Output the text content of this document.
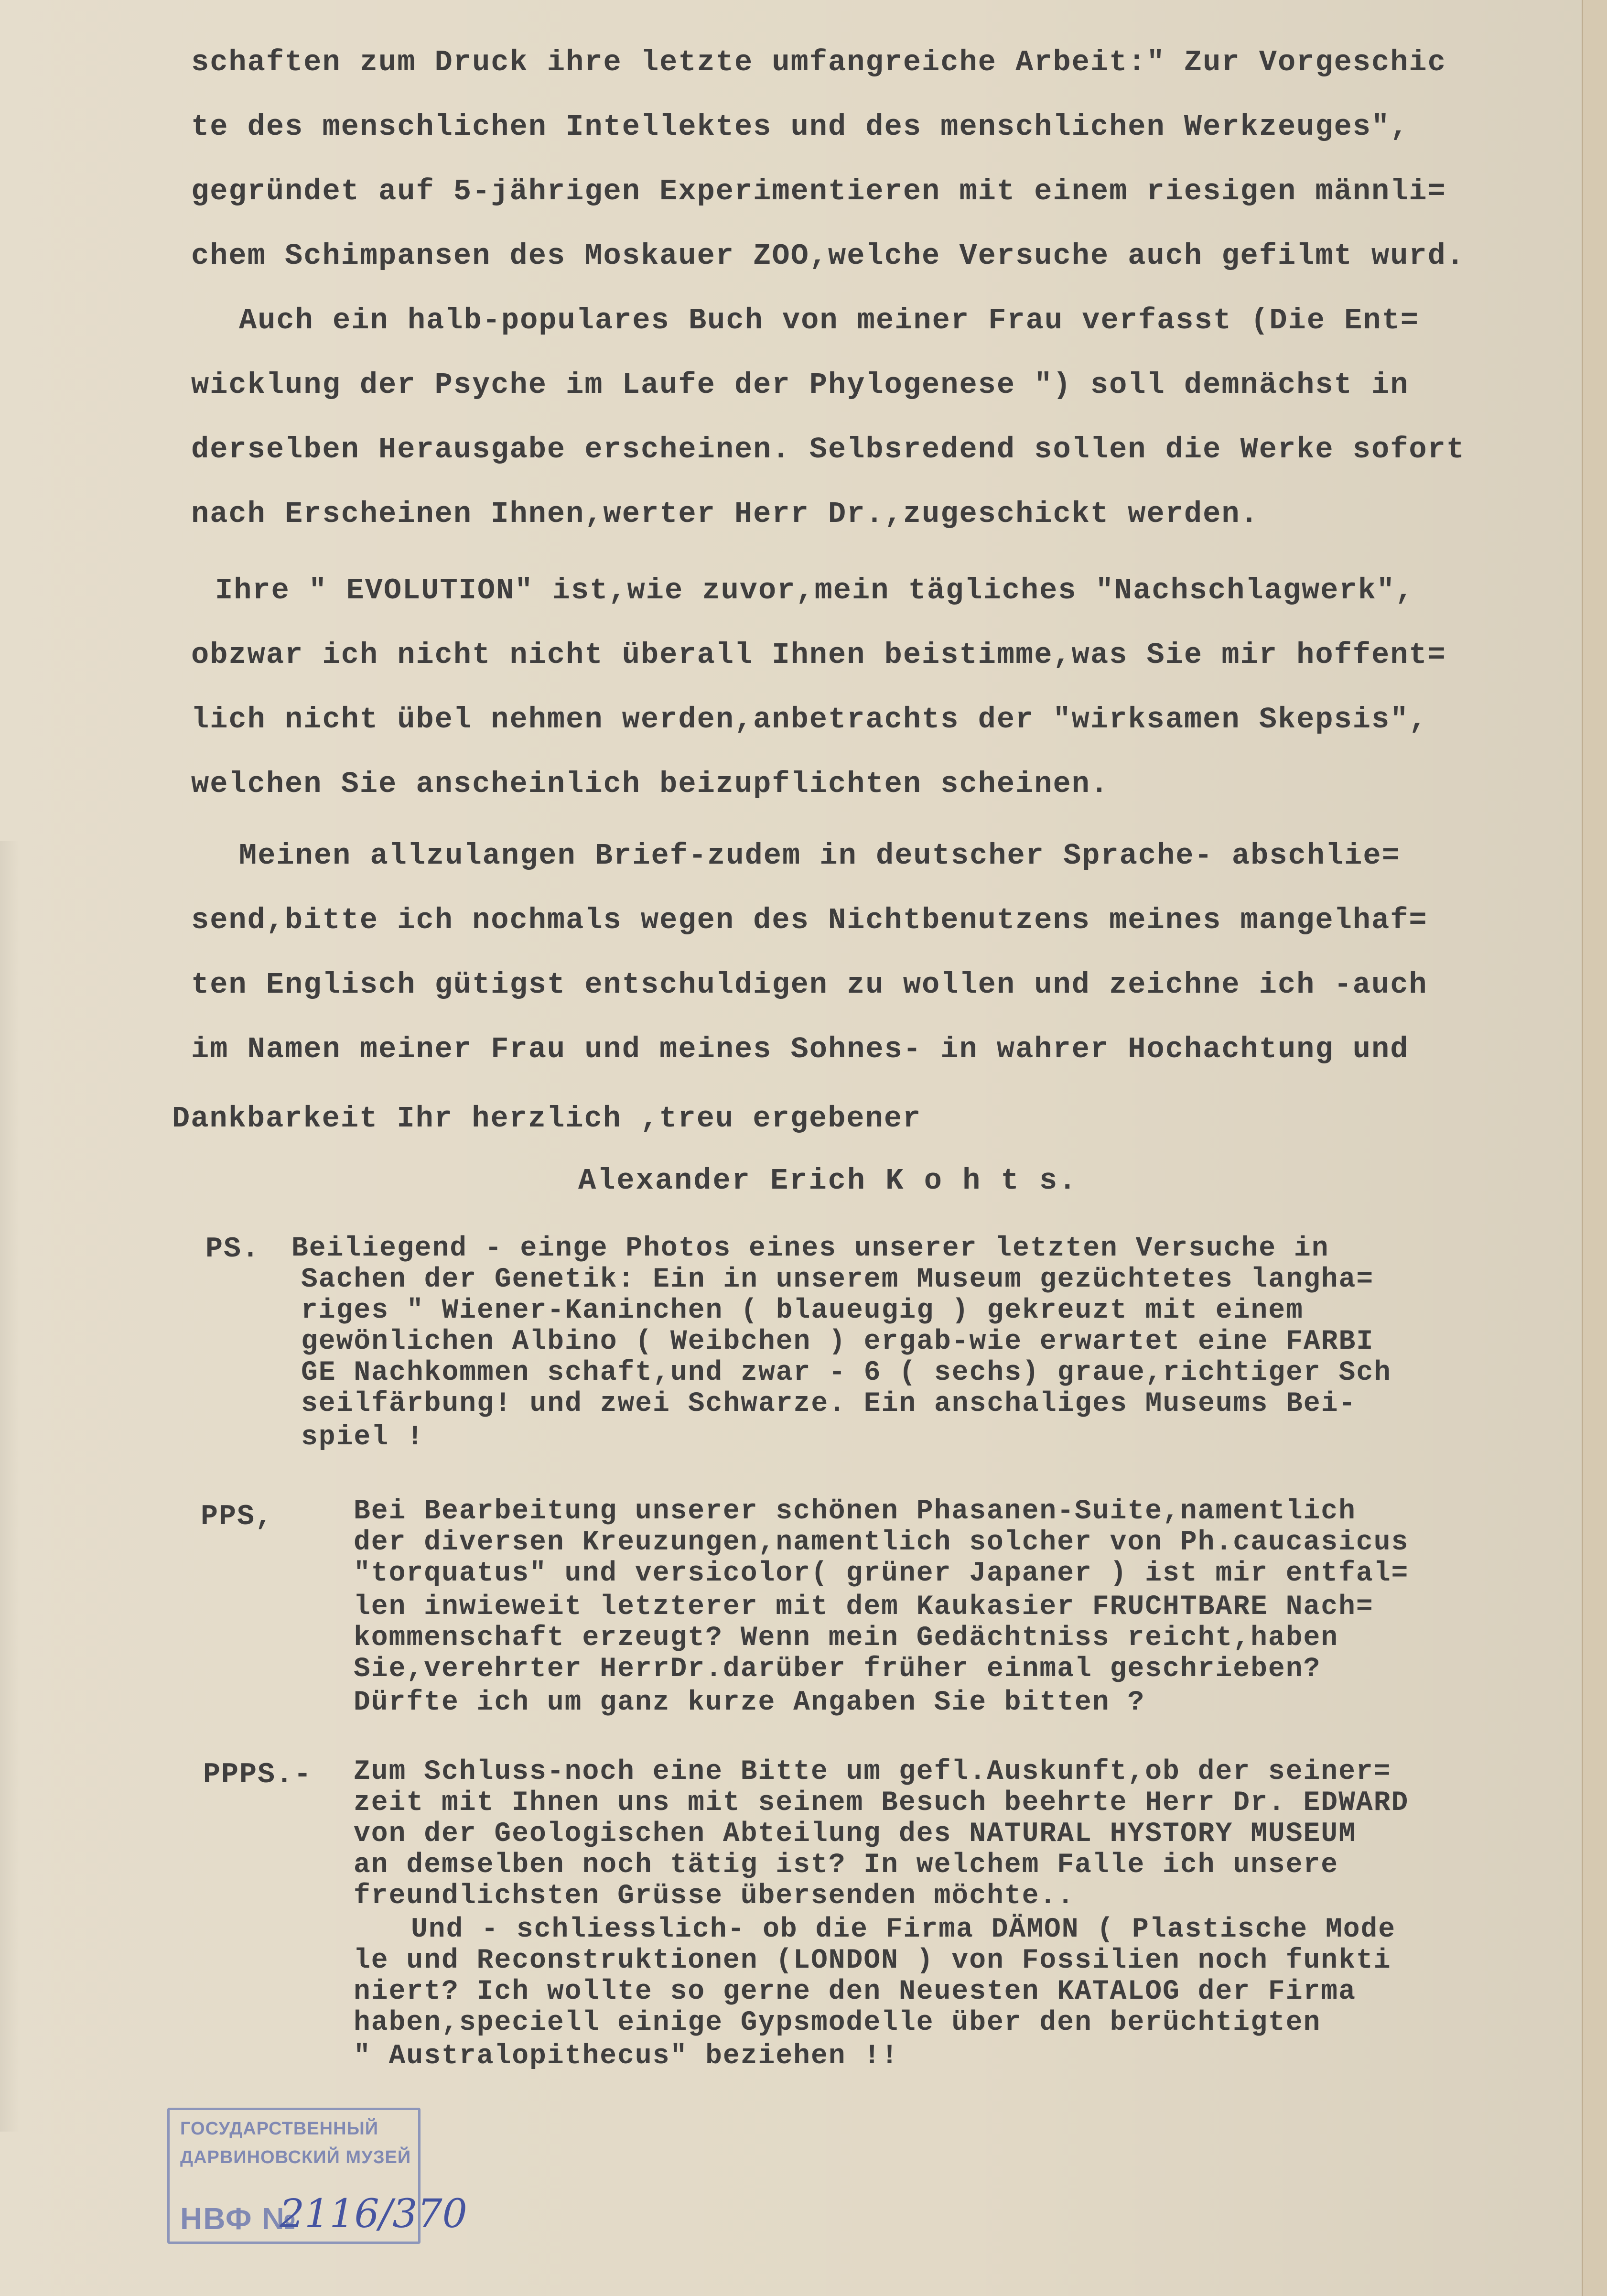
schaften zum Druck ihre letzte umfangreiche Arbeit:" Zur Vorgeschic
te des menschlichen Intellektes und des menschlichen Werkzeuges",
gegründet auf 5-jährigen Experimentieren mit einem riesigen männli=
chem Schimpansen des Moskauer ZOO,welche Versuche auch gefilmt wurd.
Auch ein halb-populares Buch von meiner Frau verfasst (Die Ent=
wicklung der Psyche im Laufe der Phylogenese ") soll demnächst in
derselben Herausgabe erscheinen. Selbsredend sollen die Werke sofort
nach Erscheinen Ihnen,werter Herr Dr.,zugeschickt werden.
Ihre " EVOLUTION" ist,wie zuvor,mein tägliches "Nachschlagwerk",
obzwar ich nicht nicht überall Ihnen beistimme,was Sie mir hoffent=
lich nicht übel nehmen werden,anbetrachts der "wirksamen Skepsis",
welchen Sie anscheinlich beizupflichten scheinen.
Meinen allzulangen Brief-zudem in deutscher Sprache- abschlie=
send,bitte ich nochmals wegen des Nichtbenutzens meines mangelhaf=
ten Englisch gütigst entschuldigen zu wollen und zeichne ich -auch
im Namen meiner Frau und meines Sohnes- in wahrer Hochachtung und
Dankbarkeit Ihr herzlich ,treu ergebener
Alexander Erich K o h t s.
PS. Beiliegend - einge Photos eines unserer letzten Versuche in
Sachen der Genetik: Ein in unserem Museum gezüchtetes langha=
riges " Wiener-Kaninchen ( blaueugig ) gekreuzt mit einem
gewönlichen Albino ( Weibchen ) ergab-wie erwartet eine FARBI
GE Nachkommen schaft,und zwar - 6 ( sechs) graue,richtiger Sch
seilfärbung! und zwei Schwarze. Ein anschaliges Museums Bei-
spiel !
PPS,	Bei Bearbeitung unserer schönen Phasanen-Suite,namentlich
der diversen Kreuzungen,namentlich solcher von Ph.caucasicus
"torquatus" und versicolor( grüner Japaner ) ist mir entfal=
len inwieweit letzterer mit dem Kaukasier FRUCHTBARE Nach=
kommenschaft erzeugt? Wenn mein Gedächtniss reicht,haben
Sie,verehrter HerrDr.darüber früher einmal geschrieben?
Dürfte ich um ganz kurze Angaben Sie bitten ?
PPPS.- Zum Schluss-noch eine Bitte um gefl.Auskunft,ob der seiner=
zeit mit Ihnen uns mit seinem Besuch beehrte Herr Dr. EDWARD
von der Geologischen Abteilung des NATURAL HYSTORY MUSEUM
an demselben noch tätig ist? In welchem Falle ich unsere
freundlichsten Grüsse übersenden möchte..
Und - schliesslich- ob die Firma DÄMON ( Plastische Mode
le und Reconstruktionen (LONDON ) von Fossilien noch funkti
niert? Ich wollte so gerne den Neuesten KATALOG der Firma
haben,speciell einige Gypsmodelle über den berüchtigten
" Australopithecus" beziehen !!
ГОСУДАРСТВЕННЫЙ
ДАРВИНОВСКИЙ МУЗЕЙ
НВФ №
2116/370
